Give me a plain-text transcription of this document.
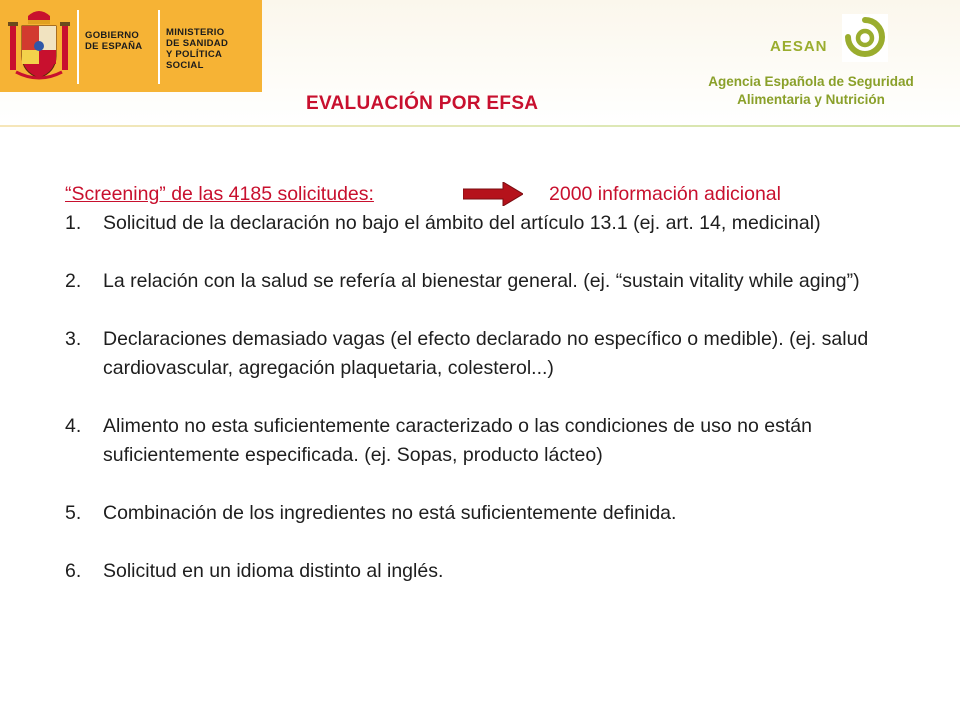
GOBIERNO
DE ESPAÑA
MINISTERIO
DE SANIDAD
Y POLÍTICA SOCIAL
AESAN
Agencia Española de Seguridad
Alimentaria y Nutrición
EVALUACIÓN POR EFSA
“Screening” de las 4185 solicitudes:	2000 información adicional
1.	Solicitud de la declaración no bajo el ámbito del artículo 13.1 (ej. art. 14, medicinal)
2.	La relación con la salud se refería al bienestar general. (ej. “sustain vitality while aging”)
3.	Declaraciones demasiado vagas (el efecto declarado no específico o medible). (ej. salud cardiovascular, agregación plaquetaria, colesterol...)
4.	Alimento no esta suficientemente caracterizado o las condiciones de uso no están suficientemente especificada. (ej. Sopas, producto lácteo)
5.	Combinación de los ingredientes no está suficientemente definida.
6.	Solicitud en un idioma distinto al inglés.
